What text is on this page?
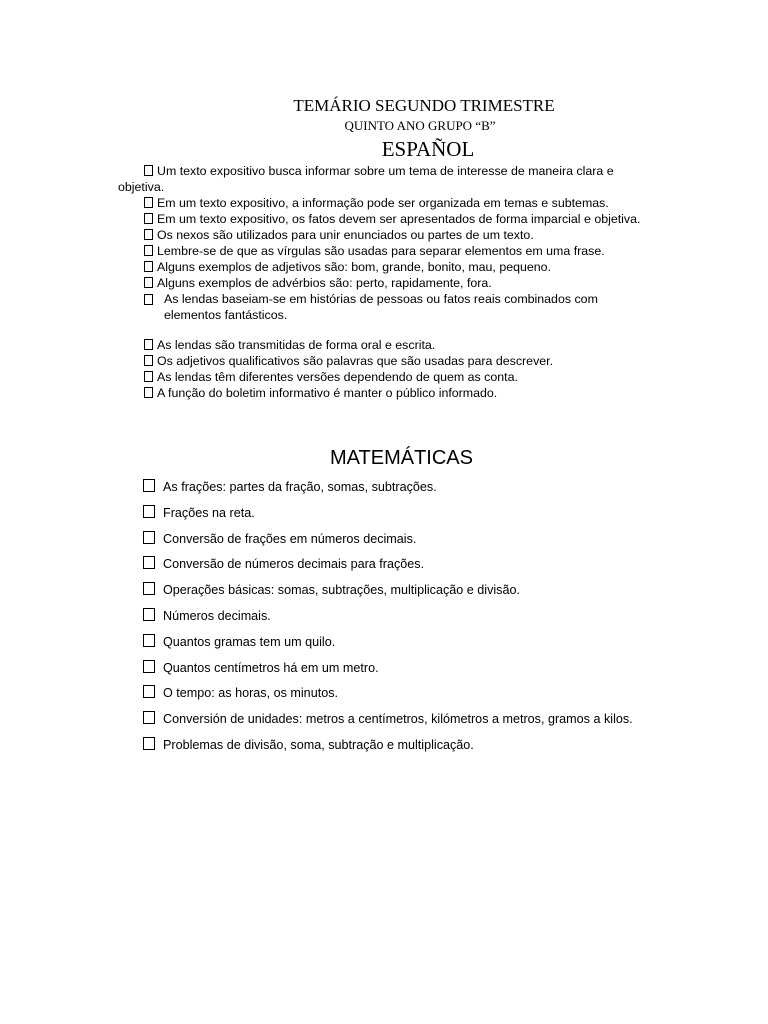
TEMÁRIO SEGUNDO TRIMESTRE
QUINTO ANO GRUPO “B”
ESPAÑOL

Um texto expositivo busca informar sobre um tema de interesse de maneira clara e objetiva.

Em um texto expositivo, a informação pode ser organizada em temas e subtemas.

Em um texto expositivo, os fatos devem ser apresentados de forma imparcial e objetiva.

Os nexos são utilizados para unir enunciados ou partes de um texto.

Lembre-se de que as vírgulas são usadas para separar elementos em uma frase.

Alguns exemplos de adjetivos são: bom, grande, bonito, mau, pequeno.

Alguns exemplos de advérbios são: perto, rapidamente, fora.

As lendas baseiam-se em histórias de pessoas ou fatos reais combinados com elementos fantásticos.

As lendas são transmitidas de forma oral e escrita.

Os adjetivos qualificativos são palavras que são usadas para descrever.

As lendas têm diferentes versões dependendo de quem as conta.

A função do boletim informativo é manter o público informado.

MATEMÁTICAS
As frações: partes da fração, somas, subtrações.
Frações na reta.
Conversão de frações em números decimais.
Conversão de números decimais para frações.
Operações básicas: somas, subtrações, multiplicação e divisão.
Números decimais.
Quantos gramas tem um quilo.
Quantos centímetros há em um metro.
O tempo: as horas, os minutos.
Conversión de unidades: metros a centímetros, kilómetros a metros, gramos a kilos.
Problemas de divisão, soma, subtração e multiplicação.
